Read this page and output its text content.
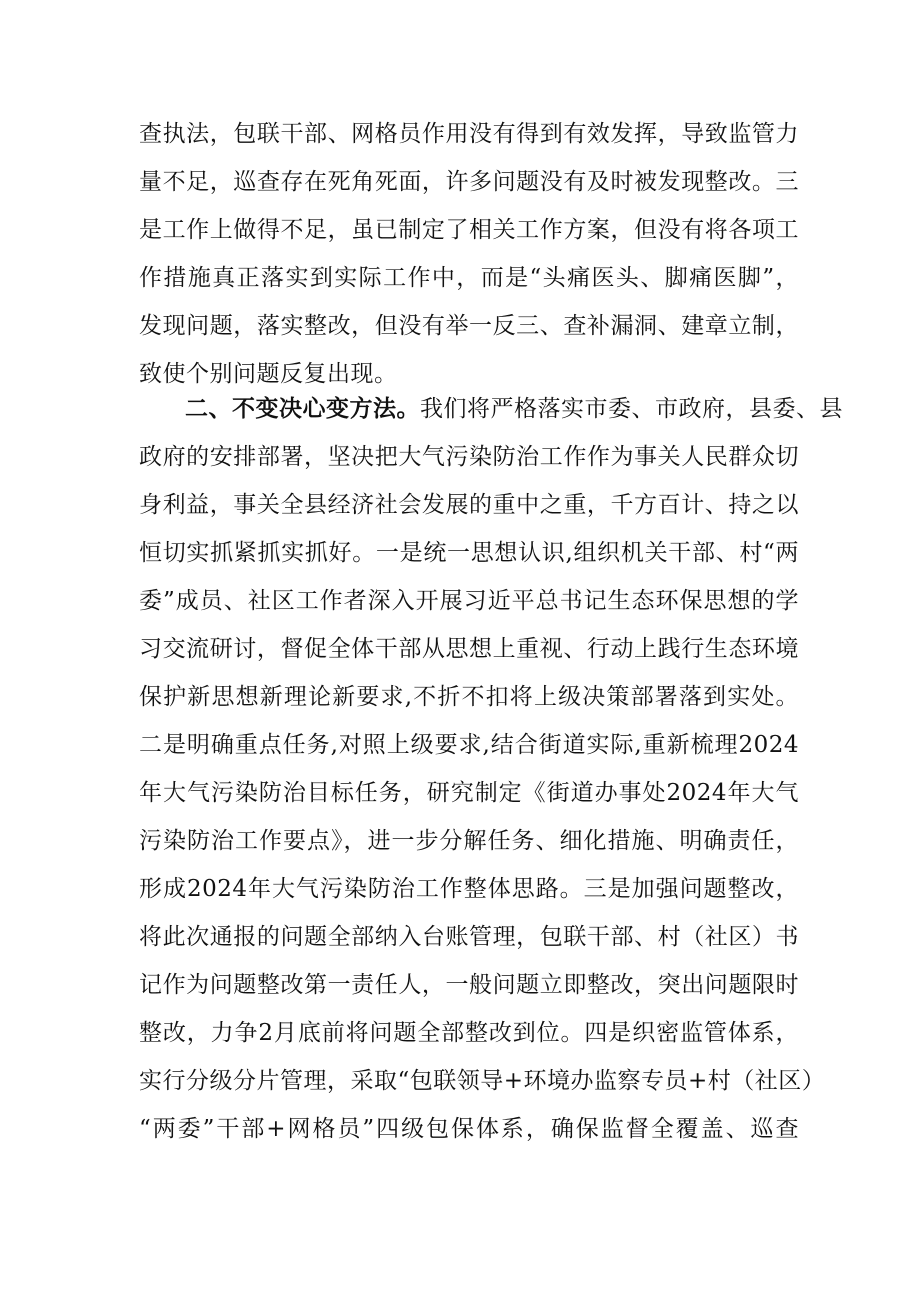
查执法，包联干部、网格员作用没有得到有效发挥，导致监管力
量不足，巡查存在死角死面，许多问题没有及时被发现整改。三
是工作上做得不足，虽已制定了相关工作方案，但没有将各项工
作措施真正落实到实际工作中，而是“头痛医头、脚痛医脚”，
发现问题，落实整改，但没有举一反三、查补漏洞、建章立制，
致使个别问题反复出现。
二、不变决心变方法。我们将严格落实市委、市政府，县委、县
政府的安排部署，坚决把大气污染防治工作作为事关人民群众切
身利益，事关全县经济社会发展的重中之重，千方百计、持之以
恒切实抓紧抓实抓好。一是统一思想认识,组织机关干部、村“两
委”成员、社区工作者深入开展习近平总书记生态环保思想的学
习交流研讨，督促全体干部从思想上重视、行动上践行生态环境
保护新思想新理论新要求,不折不扣将上级决策部署落到实处。
二是明确重点任务,对照上级要求,结合街道实际,重新梳理2024
年大气污染防治目标任务，研究制定《街道办事处2024年大气
污染防治工作要点》，进一步分解任务、细化措施、明确责任，
形成2024年大气污染防治工作整体思路。三是加强问题整改，
将此次通报的问题全部纳入台账管理，包联干部、村（社区）书
记作为问题整改第一责任人，一般问题立即整改，突出问题限时
整改，力争2月底前将问题全部整改到位。四是织密监管体系，
实行分级分片管理，采取“包联领导+环境办监察专员+村（社区）
“两委”干部+网格员”四级包保体系，确保监督全覆盖、巡查
